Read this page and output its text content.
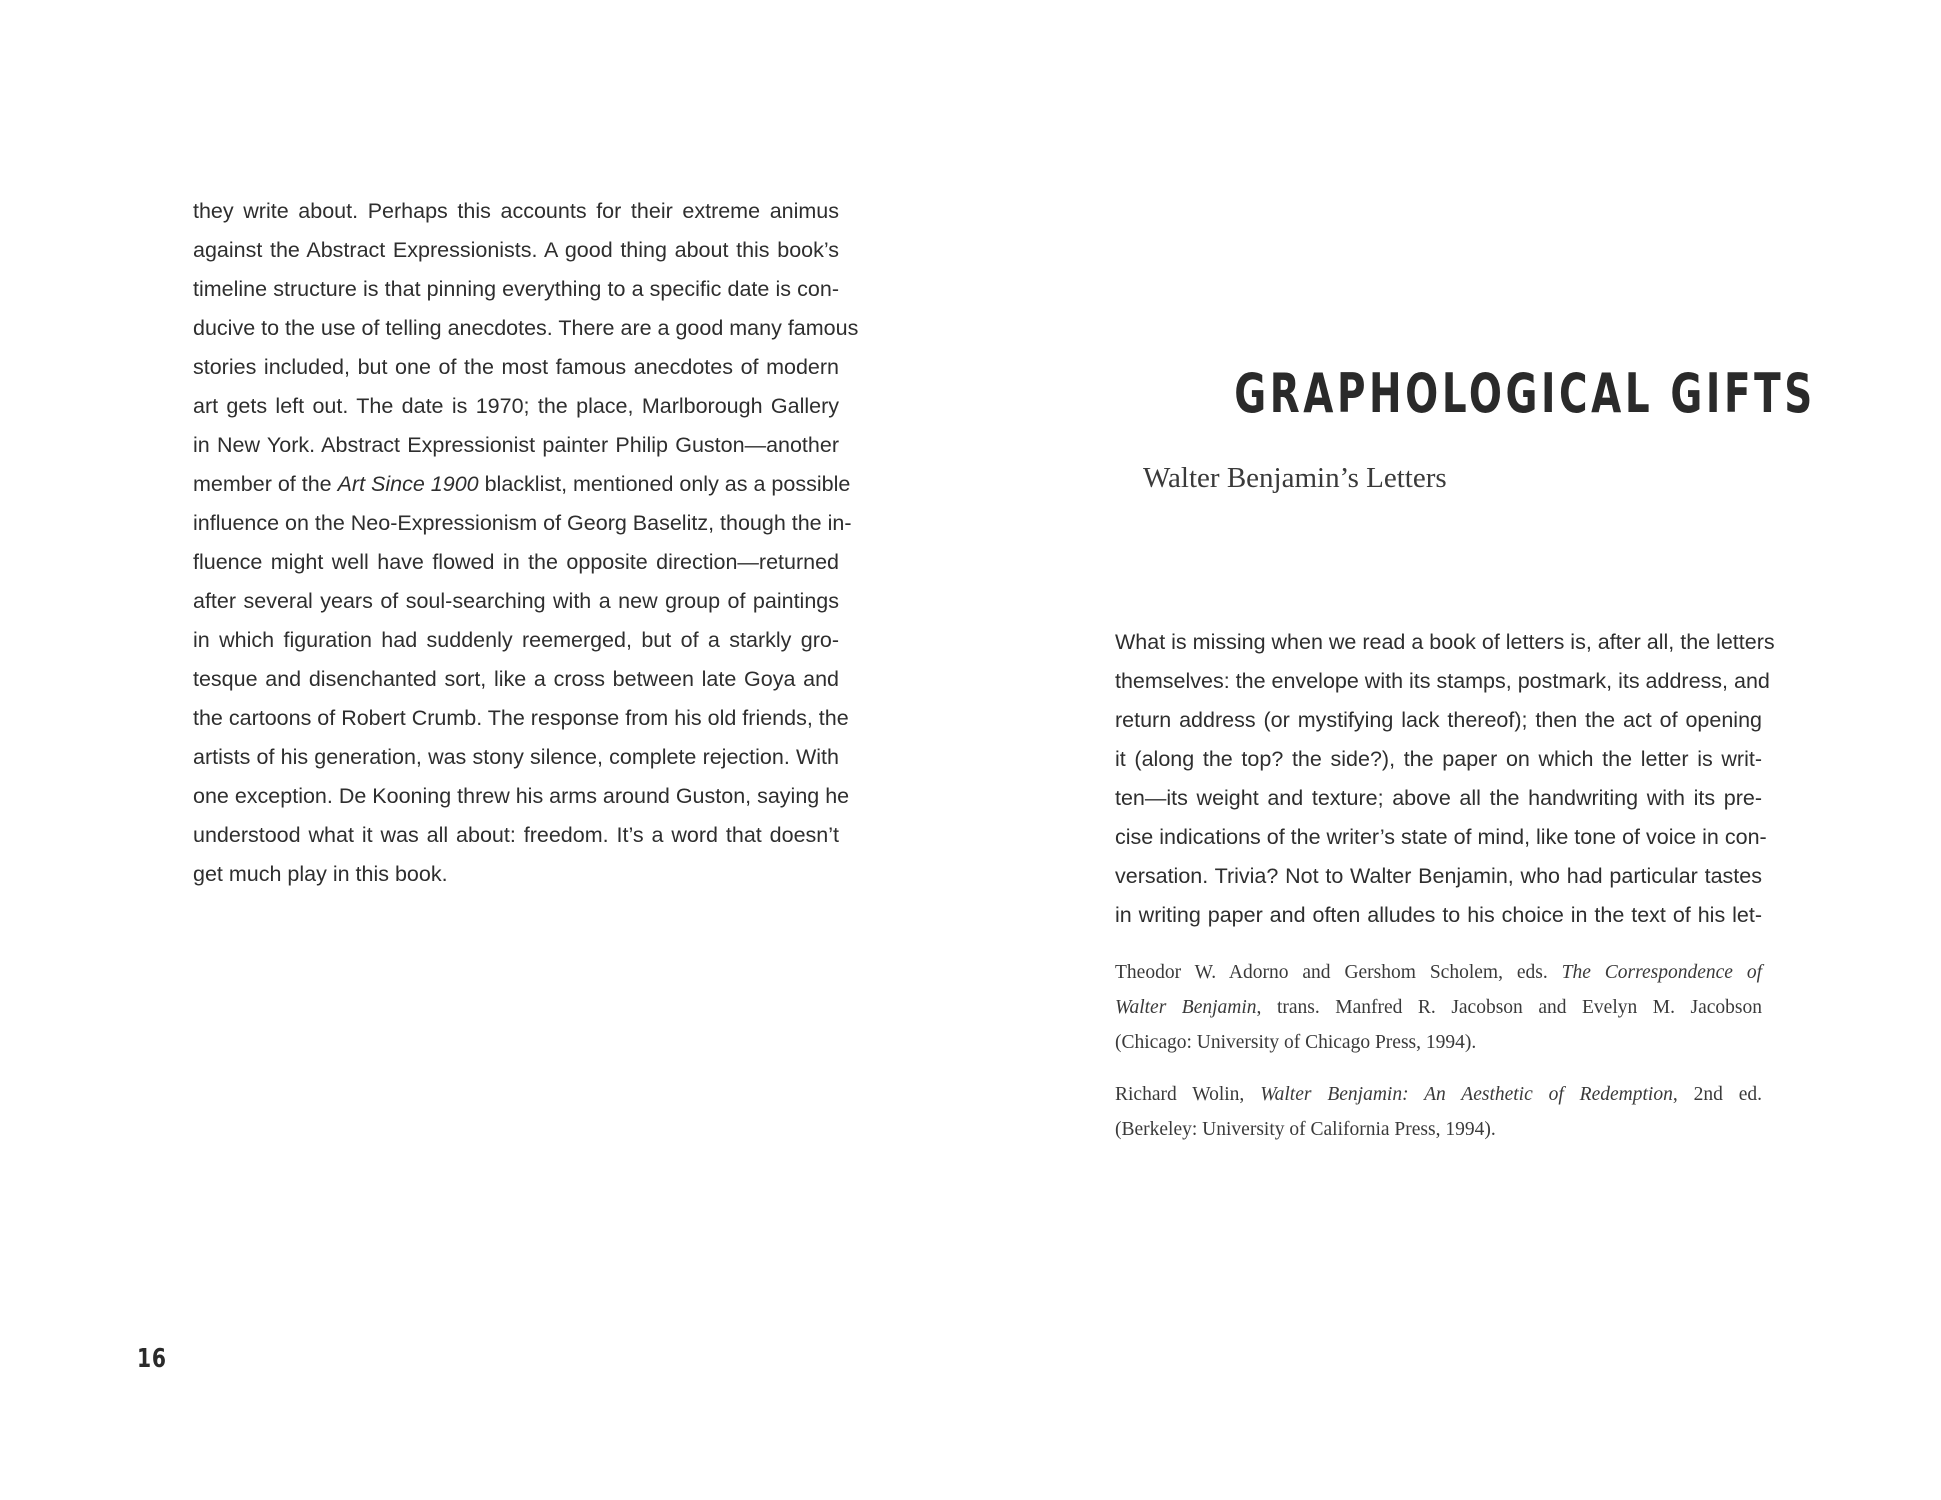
they write about. Perhaps this accounts for their extreme animus
against the Abstract Expressionists. A good thing about this book’s
timeline structure is that pinning everything to a specific date is con-
ducive to the use of telling anecdotes. There are a good many famous
stories included, but one of the most famous anecdotes of modern
art gets left out. The date is 1970; the place, Marlborough Gallery
in New York. Abstract Expressionist painter Philip Guston—another
member of the Art Since 1900 blacklist, mentioned only as a possible
influence on the Neo-Expressionism of Georg Baselitz, though the in-
fluence might well have flowed in the opposite direction—returned
after several years of soul-searching with a new group of paintings
in which figuration had suddenly reemerged, but of a starkly gro-
tesque and disenchanted sort, like a cross between late Goya and
the cartoons of Robert Crumb. The response from his old friends, the
artists of his generation, was stony silence, complete rejection. With
one exception. De Kooning threw his arms around Guston, saying he
understood what it was all about: freedom. It’s a word that doesn’t
get much play in this book.
16
GRAPHOLOGICAL GIFTS
Walter Benjamin’s Letters
What is missing when we read a book of letters is, after all, the letters
themselves: the envelope with its stamps, postmark, its address, and
return address (or mystifying lack thereof); then the act of opening
it (along the top? the side?), the paper on which the letter is writ-
ten—its weight and texture; above all the handwriting with its pre-
cise indications of the writer’s state of mind, like tone of voice in con-
versation. Trivia? Not to Walter Benjamin, who had particular tastes
in writing paper and often alludes to his choice in the text of his let-
Theodor W. Adorno and Gershom Scholem, eds. The Correspondence of
Walter Benjamin, trans. Manfred R. Jacobson and Evelyn M. Jacobson
(Chicago: University of Chicago Press, 1994).
Richard Wolin, Walter Benjamin: An Aesthetic of Redemption, 2nd ed.
(Berkeley: University of California Press, 1994).
